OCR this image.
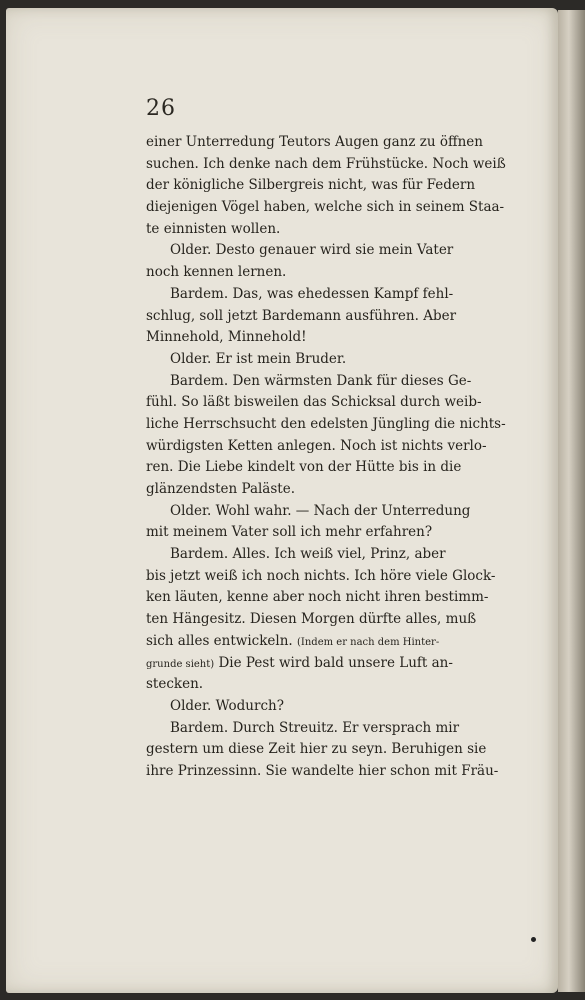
26
einer Unterredung Teutors Augen ganz zu öffnen
suchen. Ich denke nach dem Frühstücke. Noch weiß
der königliche Silbergreis nicht, was für Federn
diejenigen Vögel haben, welche sich in seinem Staa-
te einnisten wollen.
Older. Desto genauer wird sie mein Vater
noch kennen lernen.
Bardem. Das, was ehedessen Kampf fehl-
schlug, soll jetzt Bardemann ausführen. Aber
Minnehold, Minnehold!
Older. Er ist mein Bruder.
Bardem. Den wärmsten Dank für dieses Ge-
fühl. So läßt bisweilen das Schicksal durch weib-
liche Herrschsucht den edelsten Jüngling die nichts-
würdigsten Ketten anlegen. Noch ist nichts verlo-
ren. Die Liebe kindelt von der Hütte bis in die
glänzendsten Paläste.
Older. Wohl wahr. — Nach der Unterredung
mit meinem Vater soll ich mehr erfahren?
Bardem. Alles. Ich weiß viel, Prinz, aber
bis jetzt weiß ich noch nichts. Ich höre viele Glock-
ken läuten, kenne aber noch nicht ihren bestimm-
ten Hängesitz. Diesen Morgen dürfte alles, muß
sich alles entwickeln. (Indem er nach dem Hinter-
grunde sieht) Die Pest wird bald unsere Luft an-
stecken.
Older. Wodurch?
Bardem. Durch Streuitz. Er versprach mir
gestern um diese Zeit hier zu seyn. Beruhigen sie
ihre Prinzessinn. Sie wandelte hier schon mit Fräu-
